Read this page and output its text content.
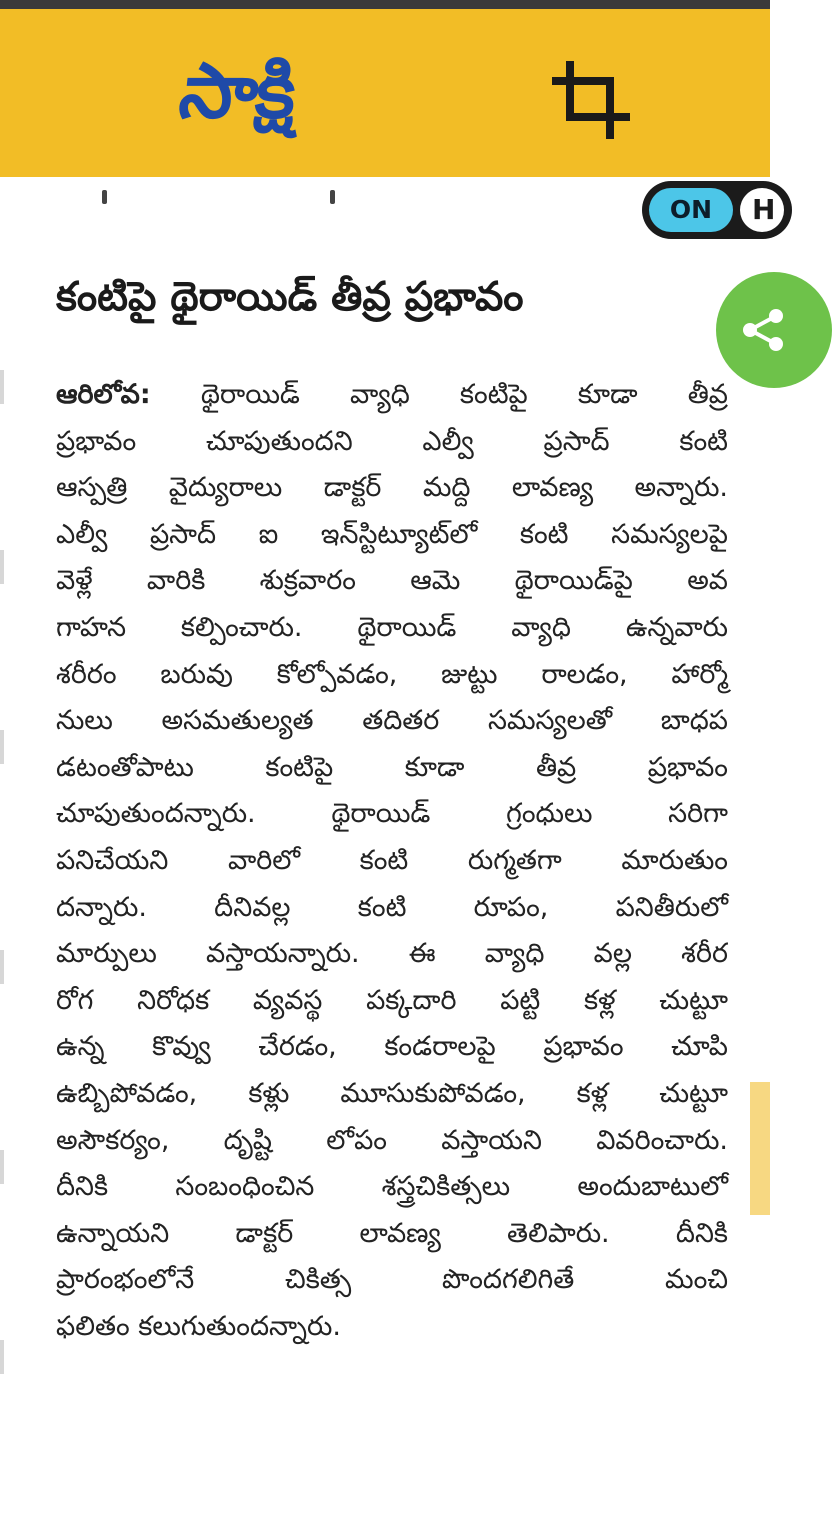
సాక్షి
ON	H
కంటిపై థైరాయిడ్ తీవ్ర ప్రభావం
ఆరిలోవ: థైరాయిడ్ వ్యాధి కంటిపై కూడా తీవ్ర
ప్రభావం చూపుతుందని ఎల్వీ ప్రసాద్ కంటి
ఆస్పత్రి వైద్యురాలు డాక్టర్ మద్ది లావణ్య అన్నారు.
ఎల్వీ ప్రసాద్ ఐ ఇన్‌స్టిట్యూట్‌లో కంటి సమస్యలపై
వెళ్లే వారికి శుక్రవారం ఆమె థైరాయిడ్‌పై అవ
గాహన కల్పించారు. థైరాయిడ్ వ్యాధి ఉన్నవారు
శరీరం బరువు కోల్పోవడం, జుట్టు రాలడం, హార్మో
నులు అసమతుల్యత తదితర సమస్యలతో బాధప
డటంతోపాటు కంటిపై కూడా తీవ్ర ప్రభావం
చూపుతుందన్నారు. థైరాయిడ్ గ్రంధులు సరిగా
పనిచేయని వారిలో కంటి రుగ్మతగా మారుతుం
దన్నారు. దీనివల్ల కంటి రూపం, పనితీరులో
మార్పులు వస్తాయన్నారు. ఈ వ్యాధి వల్ల శరీర
రోగ నిరోధక వ్యవస్థ పక్కదారి పట్టి కళ్ల చుట్టూ
ఉన్న కొవ్వు చేరడం, కండరాలపై ప్రభావం చూపి
ఉబ్బిపోవడం, కళ్లు మూసుకుపోవడం, కళ్ల చుట్టూ
అసౌకర్యం, దృష్టి లోపం వస్తాయని వివరించారు.
దీనికి సంబంధించిన శస్త్రచికిత్సలు అందుబాటులో
ఉన్నాయని డాక్టర్ లావణ్య తెలిపారు. దీనికి
ప్రారంభంలోనే చికిత్స పొందగలిగితే మంచి
ఫలితం కలుగుతుందన్నారు.
